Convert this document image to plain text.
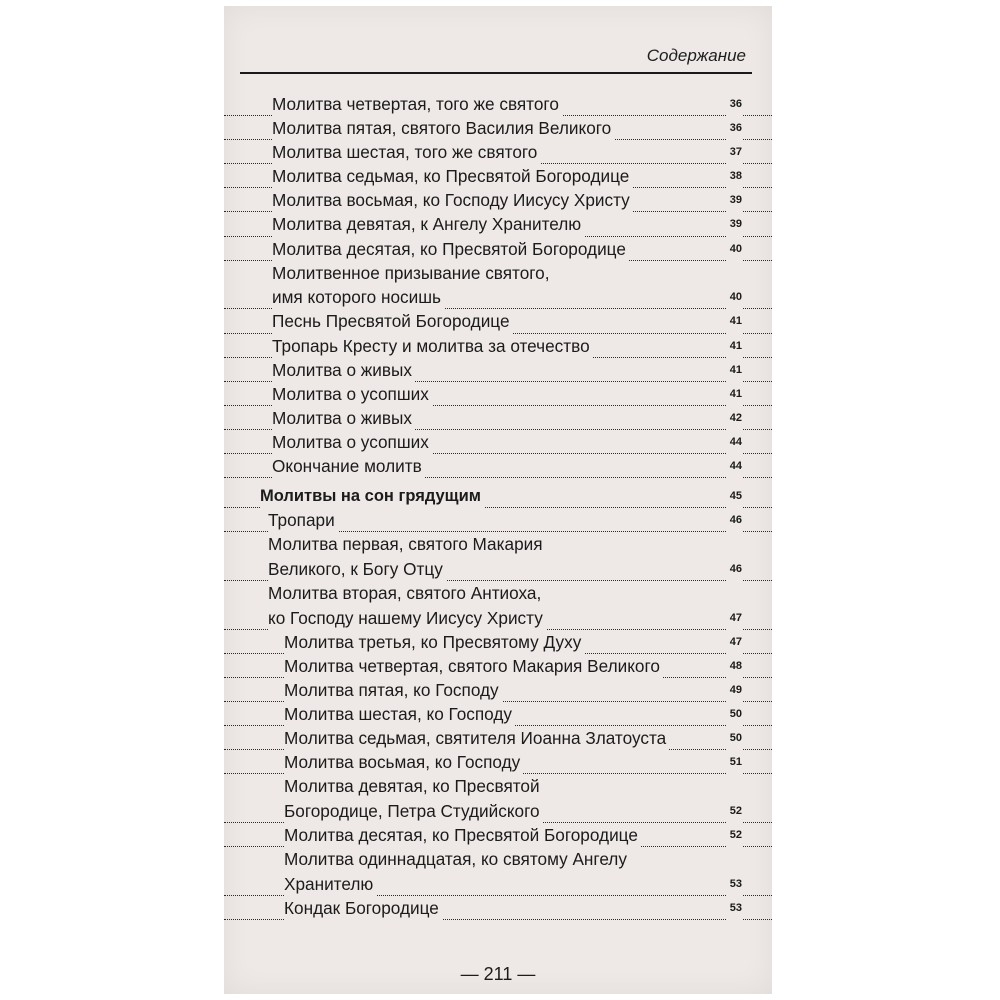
Содержание
Молитва четвертая, того же святого	36
Молитва пятая, святого Василия Великого	36
Молитва шестая, того же святого	37
Молитва седьмая, ко Пресвятой Богородице	38
Молитва восьмая, ко Господу Иисусу Христу	39
Молитва девятая, к Ангелу Хранителю	39
Молитва десятая, ко Пресвятой Богородице	40
Молитвенное призывание святого,
имя которого носишь	40
Песнь Пресвятой Богородице	41
Тропарь Кресту и молитва за отечество	41
Молитва о живых	41
Молитва о усопших	41
Молитва о живых	42
Молитва о усопших	44
Окончание молитв	44
Молитвы на сон грядущим	45
Тропари	46
Молитва первая, святого Макария
Великого, к Богу Отцу	46
Молитва вторая, святого Антиоха,
ко Господу нашему Иисусу Христу	47
Молитва третья, ко Пресвятому Духу	47
Молитва четвертая, святого Макария Великого	48
Молитва пятая, ко Господу	49
Молитва шестая, ко Господу	50
Молитва седьмая, святителя Иоанна Златоуста	50
Молитва восьмая, ко Господу	51
Молитва девятая, ко Пресвятой
Богородице, Петра Студийского	52
Молитва десятая, ко Пресвятой Богородице	52
Молитва одиннадцатая, ко святому Ангелу
Хранителю	53
Кондак Богородице	53
— 211 —
